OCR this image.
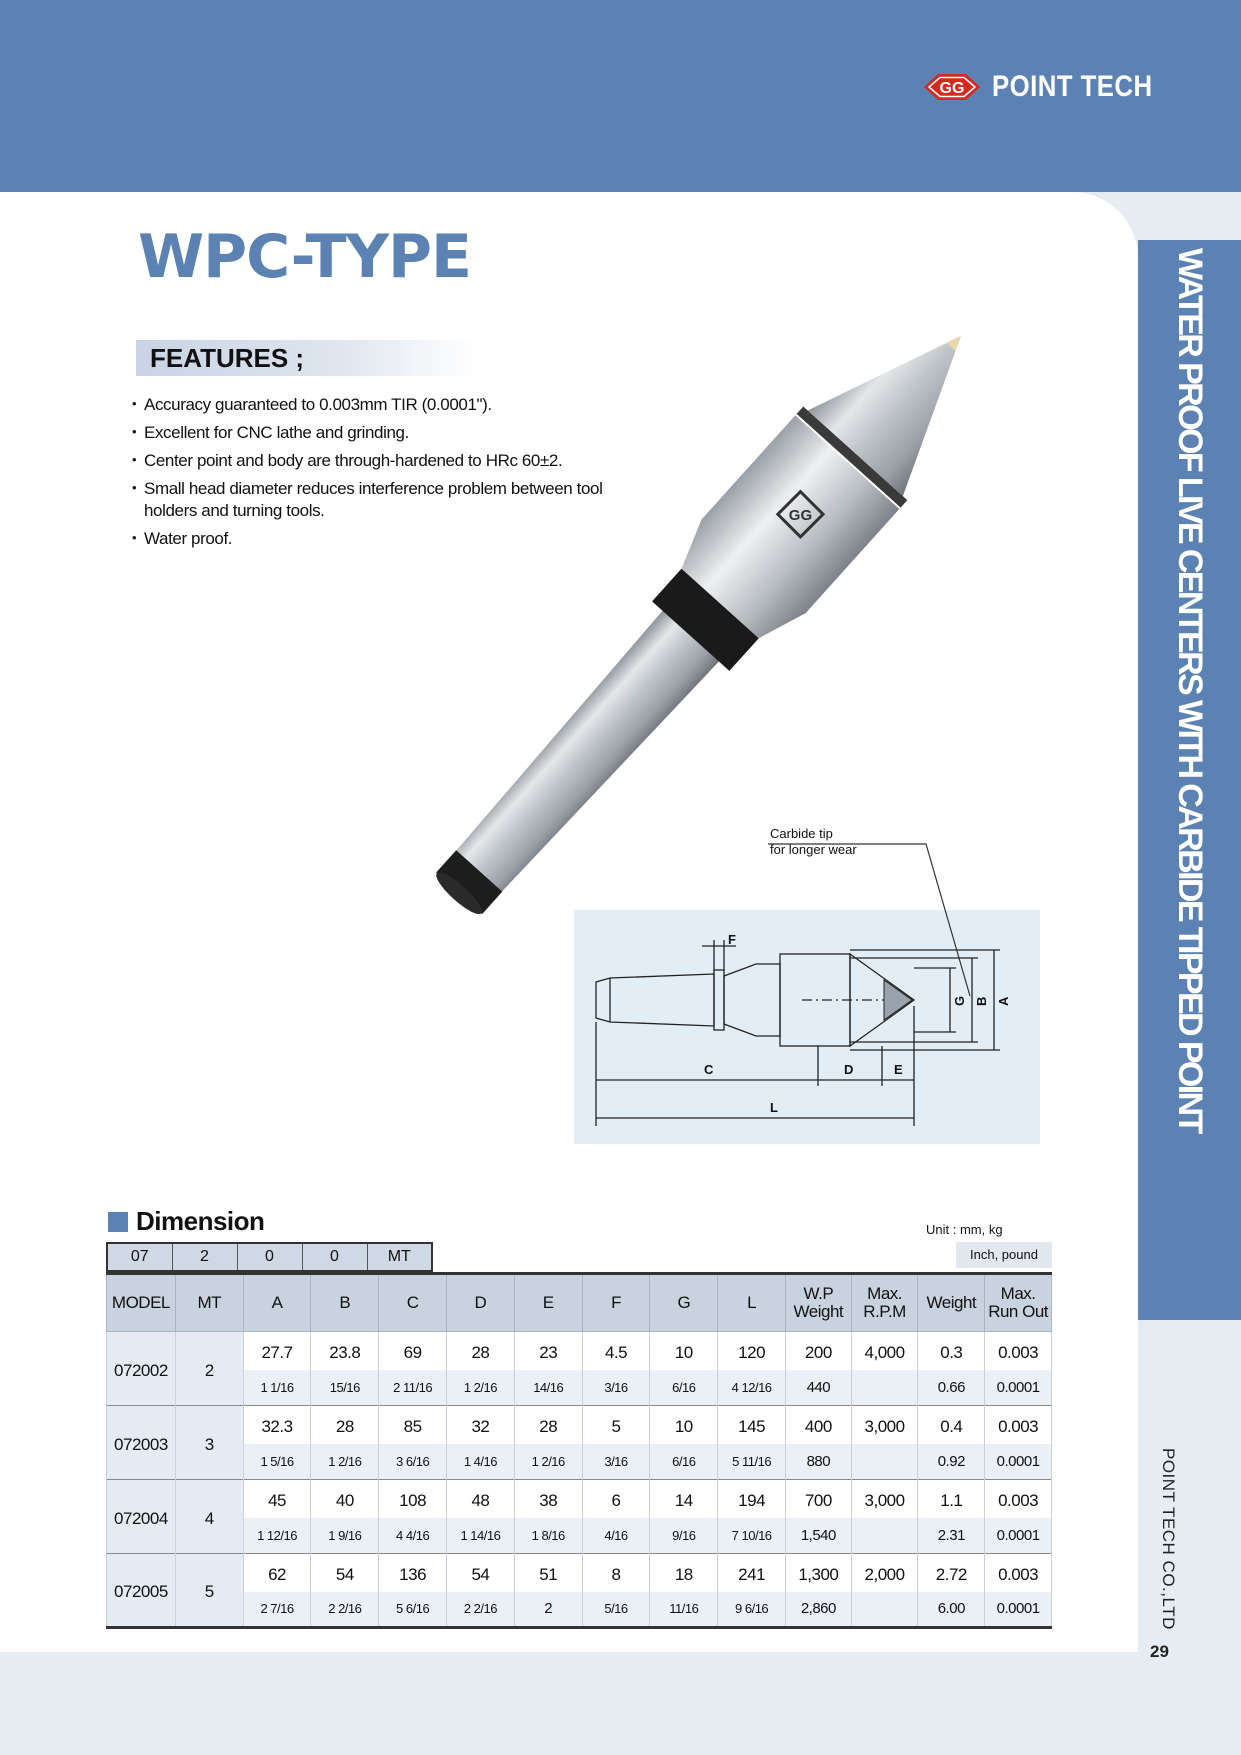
GG POINT TECH
WATER PROOF LIVE CENTERS WITH CARBIDE TIPPED POINT
POINT TECH CO.,LTD
29
WPC-TYPE
FEATURES ;
• Accuracy guaranteed to 0.003mm TIR (0.0001").
• Excellent for CNC lathe and grinding.
• Center point and body are through-hardened to HRc 60±2.
• Small head diameter reduces interference problem between tool holders and turning tools.
• Water proof.
GG
F
C	D	E
L
G B A
Carbide tip
for longer wear
Dimension	Unit : mm, kg
Inch, pound
07	2	0	0	MT
MODEL	MT	A	B	C	D	E	F	G	L	W.P Weight	Max. R.P.M	Weight	Max. Run Out
072002	2	27.7	23.8	69	28	23	4.5	10	120	200	4,000	0.3	0.003
		1 1/16	15/16	2 11/16	1 2/16	14/16	3/16	6/16	4 12/16	440		0.66	0.0001
072003	3	32.3	28	85	32	28	5	10	145	400	3,000	0.4	0.003
		1 5/16	1 2/16	3 6/16	1 4/16	1 2/16	3/16	6/16	5 11/16	880		0.92	0.0001
072004	4	45	40	108	48	38	6	14	194	700	3,000	1.1	0.003
		1 12/16	1 9/16	4 4/16	1 14/16	1 8/16	4/16	9/16	7 10/16	1,540		2.31	0.0001
072005	5	62	54	136	54	51	8	18	241	1,300	2,000	2.72	0.003
		2 7/16	2 2/16	5 6/16	2 2/16	2	5/16	11/16	9 6/16	2,860		6.00	0.0001
